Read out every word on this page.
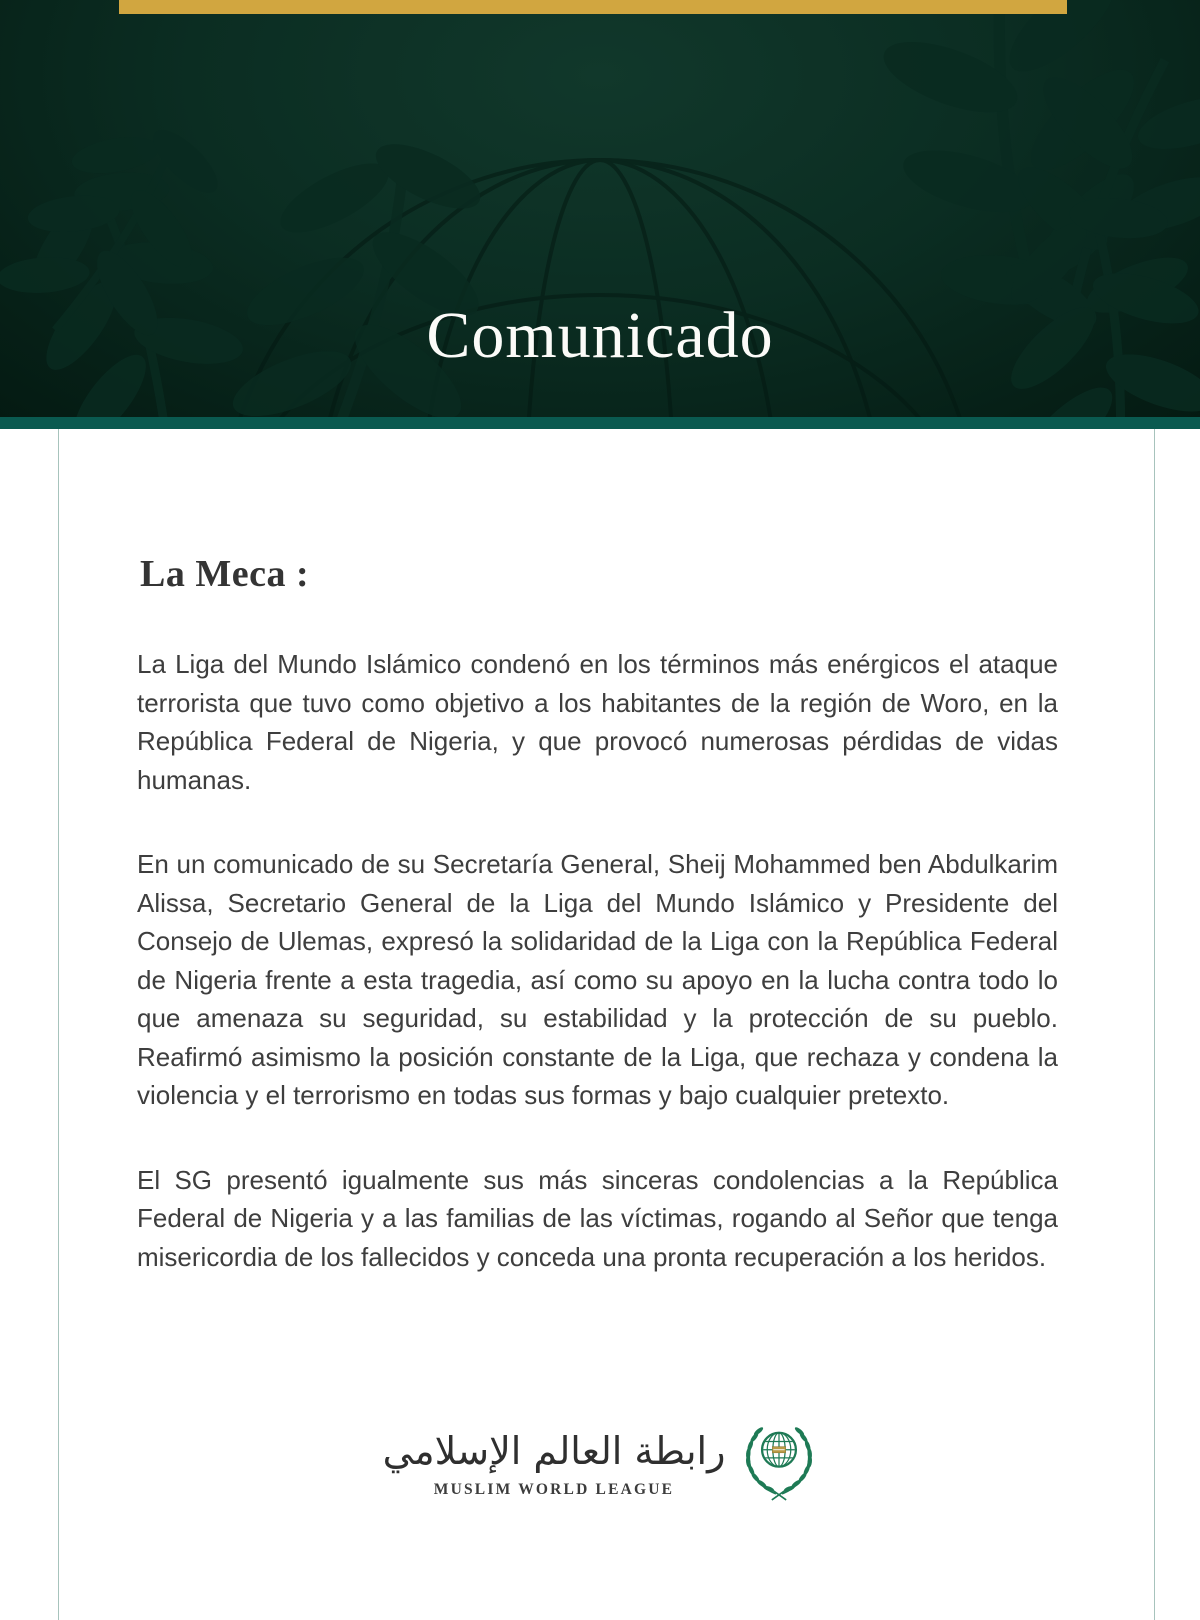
Comunicado
La Meca :

La Liga del Mundo Islámico condenó en los términos más enérgicos el ataque terrorista que tuvo como objetivo a los habitantes de la región de Woro, en la República Federal de Nigeria, y que provocó numerosas pérdidas de vidas humanas.

En un comunicado de su Secretaría General, Sheij Mohammed ben Abdulkarim Alissa, Secretario General de la Liga del Mundo Islámico y Presidente del Consejo de Ulemas, expresó la solidaridad de la Liga con la República Federal de Nigeria frente a esta tragedia, así como su apoyo en la lucha contra todo lo que amenaza su seguridad, su estabilidad y la protección de su pueblo. Reafirmó asimismo la posición constante de la Liga, que rechaza y condena la violencia y el terrorismo en todas sus formas y bajo cualquier pretexto.

El SG presentó igualmente sus más sinceras condolencias a la República Federal de Nigeria y a las familias de las víctimas, rogando al Señor que tenga misericordia de los fallecidos y conceda una pronta recuperación a los heridos.

رابطة العالم الإسلامي
MUSLIM WORLD LEAGUE
